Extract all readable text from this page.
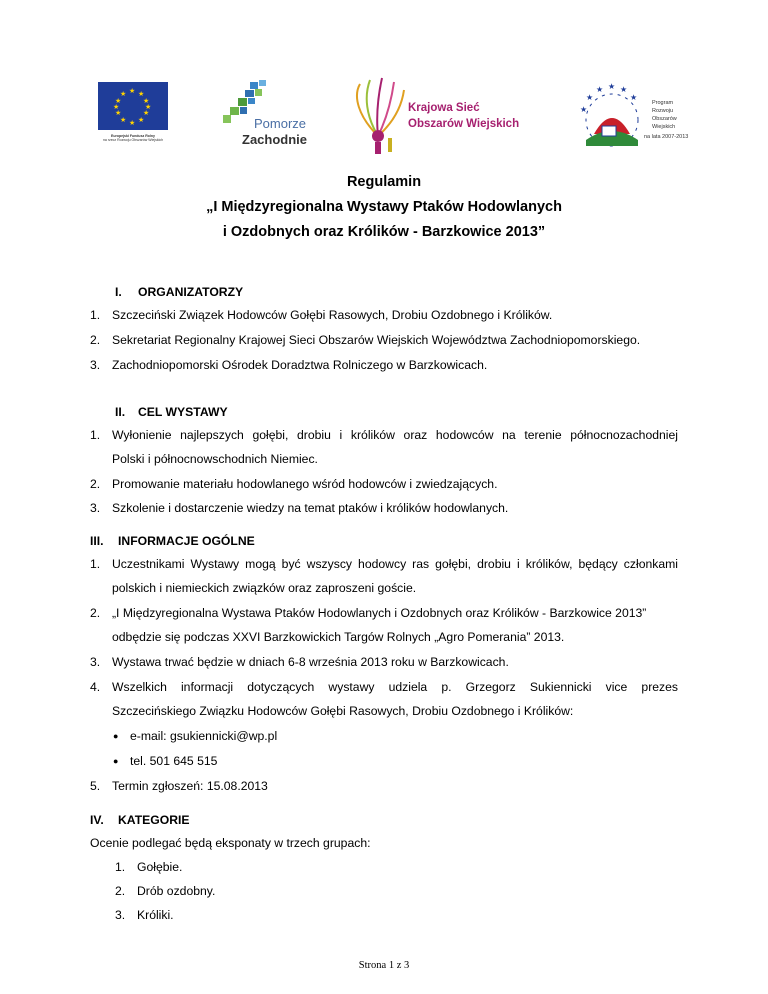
★ ★
★
★
★
★
★
★
★
★
★
★
Europejski Fundusz Rolny
na rzecz Rozwoju Obszarów Wiejskich
Pomorze
Zachodnie
Krajowa Sieć
Obszarów Wiejskich
★
★ ★ ★
★
★
Program
Rozwoju
Obszarów
Wiejskich
na lata 2007-2013
Regulamin
„I Międzyregionalna Wystawy Ptaków Hodowlanych
i Ozdobnych oraz Królików - Barzkowice 2013”
I. ORGANIZATORZY
1. Szczeciński Związek Hodowców Gołębi Rasowych, Drobiu Ozdobnego i Królików.
2. Sekretariat Regionalny Krajowej Sieci Obszarów Wiejskich Województwa Zachodniopomorskiego.
3. Zachodniopomorski Ośrodek Doradztwa Rolniczego w Barzkowicach.
II. CEL WYSTAWY
1. Wyłonienie najlepszych gołębi, drobiu i królików oraz hodowców na terenie północnozachodniej
Polski i północnowschodnich Niemiec.
2. Promowanie materiału hodowlanego wśród hodowców i zwiedzających.
3. Szkolenie i dostarczenie wiedzy na temat ptaków i królików hodowlanych.
III. INFORMACJE OGÓLNE
1. Uczestnikami Wystawy mogą być wszyscy hodowcy ras gołębi, drobiu i królików, będący członkami
polskich i niemieckich związków oraz zaproszeni goście.
2. „I Międzyregionalna Wystawa Ptaków Hodowlanych i Ozdobnych oraz Królików - Barzkowice 2013”
odbędzie się podczas XXVI Barzkowickich Targów Rolnych „Agro Pomerania” 2013.
3. Wystawa trwać będzie w dniach 6-8 września 2013 roku w Barzkowicach.
4. Wszelkich informacji dotyczących wystawy udziela p. Grzegorz Sukiennicki vice prezes
Szczecińskiego Związku Hodowców Gołębi Rasowych, Drobiu Ozdobnego i Królików:
● e-mail: gsukiennicki@wp.pl
● tel. 501 645 515
5. Termin zgłoszeń: 15.08.2013
IV. KATEGORIE
Ocenie podlegać będą eksponaty w trzech grupach:
1. Gołębie.
2. Drób ozdobny.
3. Króliki.
Strona 1 z 3
